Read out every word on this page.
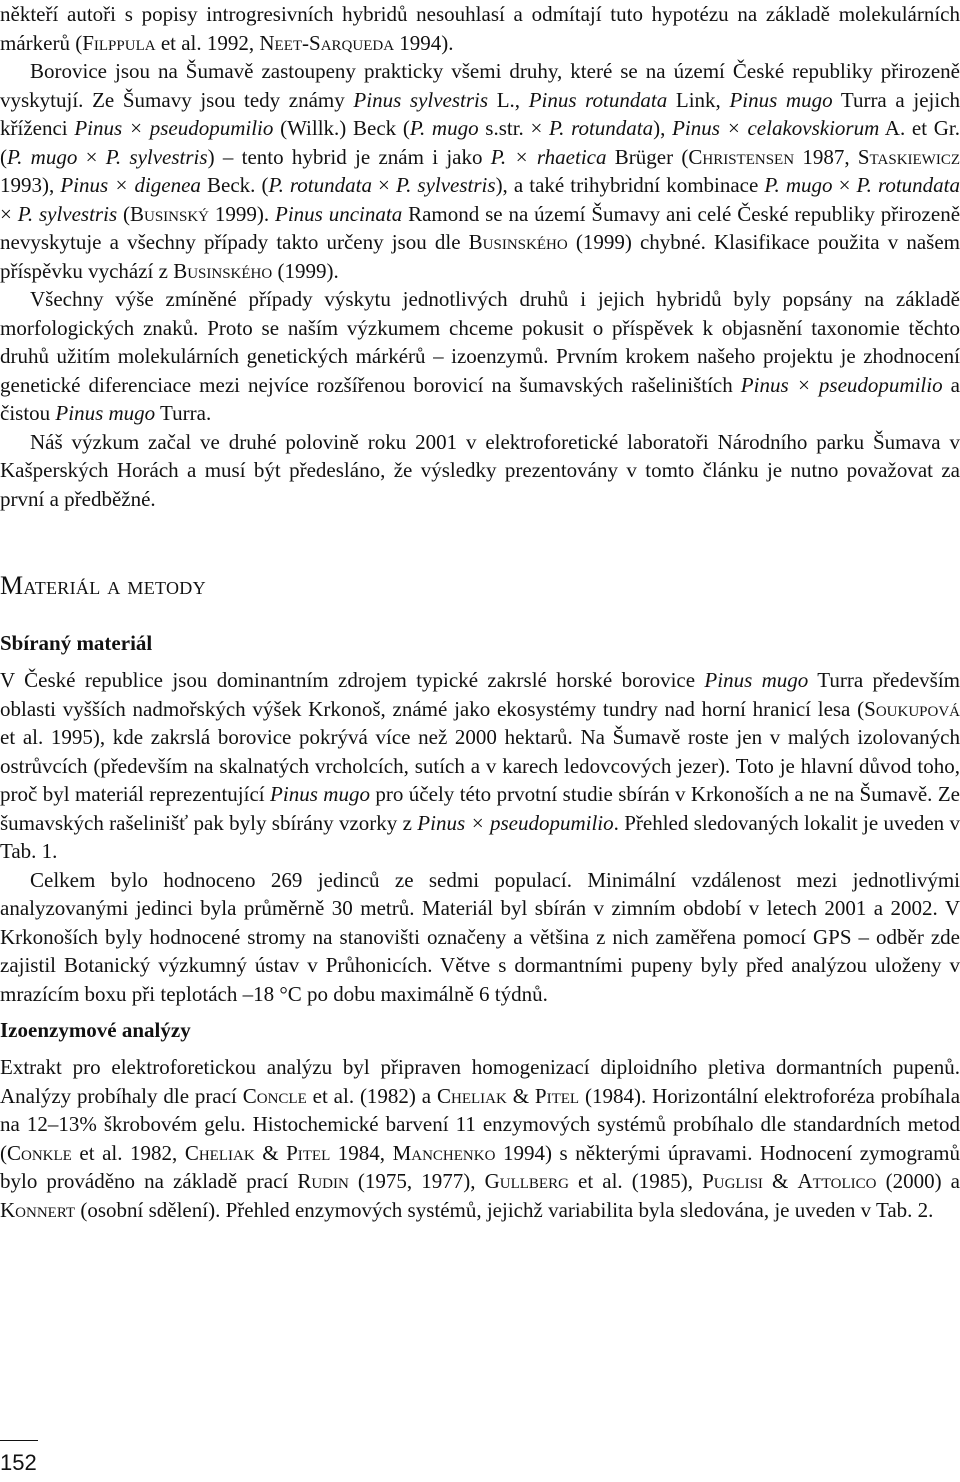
někteří autoři s popisy introgresivních hybridů nesouhlasí a odmítají tuto hypotézu na základě molekulárních márkerů (Filppula et al. 1992, Neet-Sarqueda 1994).

Borovice jsou na Šumavě zastoupeny prakticky všemi druhy, které se na území České republiky přirozeně vyskytují. Ze Šumavy jsou tedy známy Pinus sylvestris L., Pinus rotundata Link, Pinus mugo Turra a jejich kříženci Pinus × pseudopumilio (Willk.) Beck (P. mugo s.str. × P. rotundata), Pinus × celakovskiorum A. et Gr. (P. mugo × P. sylvestris) – tento hybrid je znám i jako P. × rhaetica Brüger (Christensen 1987, Staskiewicz 1993), Pinus × digenea Beck. (P. rotundata × P. sylvestris), a také trihybridní kombinace P. mugo × P. rotundata × P. sylvestris (Businský 1999). Pinus uncinata Ramond se na území Šumavy ani celé České republiky přirozeně nevyskytuje a všechny případy takto určeny jsou dle Businského (1999) chybné. Klasifikace použita v našem příspěvku vychází z Businského (1999).

Všechny výše zmíněné případy výskytu jednotlivých druhů i jejich hybridů byly popsány na základě morfologických znaků. Proto se naším výzkumem chceme pokusit o příspěvek k objasnění taxonomie těchto druhů užitím molekulárních genetických márkérů – izoenzymů. Prvním krokem našeho projektu je zhodnocení genetické diferenciace mezi nejvíce rozšířenou borovicí na šumavských rašeliništích Pinus × pseudopumilio a čistou Pinus mugo Turra.

Náš výzkum začal ve druhé polovině roku 2001 v elektroforetické laboratoři Národního parku Šumava v Kašperských Horách a musí být předesláno, že výsledky prezentovány v tomto článku je nutno považovat za první a předběžné.

Materiál a metody
Sbíraný materiál

V České republice jsou dominantním zdrojem typické zakrslé horské borovice Pinus mugo Turra především oblasti vyšších nadmořských výšek Krkonoš, známé jako ekosystémy tundry nad horní hranicí lesa (Soukupová et al. 1995), kde zakrslá borovice pokrývá více než 2000 hektarů. Na Šumavě roste jen v malých izolovaných ostrůvcích (především na skalnatých vrcholcích, sutích a v karech ledovcových jezer). Toto je hlavní důvod toho, proč byl materiál reprezentující Pinus mugo pro účely této prvotní studie sbírán v Krkonoších a ne na Šumavě. Ze šumavských rašelinišť pak byly sbírány vzorky z Pinus × pseudopumilio. Přehled sledovaných lokalit je uveden v Tab. 1.

Celkem bylo hodnoceno 269 jedinců ze sedmi populací. Minimální vzdálenost mezi jednotlivými analyzovanými jedinci byla průměrně 30 metrů. Materiál byl sbírán v zimním období v letech 2001 a 2002. V Krkonoších byly hodnocené stromy na stanovišti označeny a většina z nich zaměřena pomocí GPS – odběr zde zajistil Botanický výzkumný ústav v Průhonicích. Větve s dormantními pupeny byly před analýzou uloženy v mrazícím boxu při teplotách –18 °C po dobu maximálně 6 týdnů.

Izoenzymové analýzy

Extrakt pro elektroforetickou analýzu byl připraven homogenizací diploidního pletiva dormantních pupenů. Analýzy probíhaly dle prací Concle et al. (1982) a Cheliak & Pitel (1984). Horizontální elektroforéza probíhala na 12–13% škrobovém gelu. Histochemické barvení 11 enzymových systémů probíhalo dle standardních metod (Conkle et al. 1982, Cheliak & Pitel 1984, Manchenko 1994) s některými úpravami. Hodnocení zymogramů bylo prováděno na základě prací Rudin (1975, 1977), Gullberg et al. (1985), Puglisi & Attolico (2000) a Konnert (osobní sdělení). Přehled enzymových systémů, jejichž variabilita byla sledována, je uveden v Tab. 2.

152
